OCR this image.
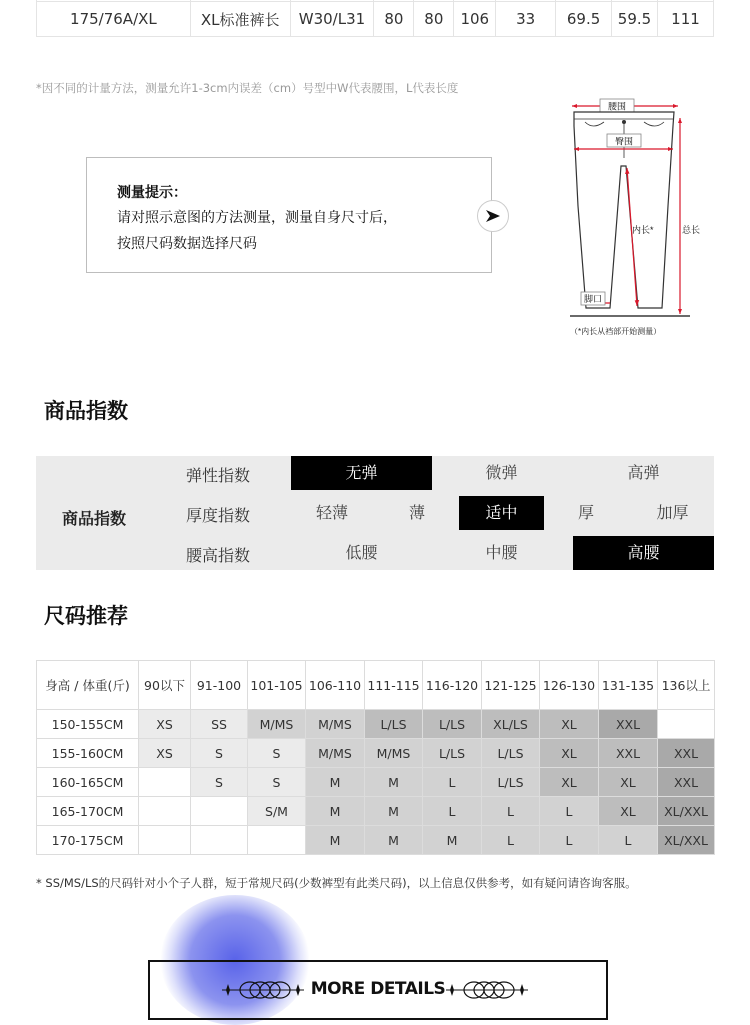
175/76A/XL	XL标准裤长	W30/L31	80	80	106	33	69.5	59.5	111
*因不同的计量方法，测量允许1-3cm内误差（cm）号型中W代表腰围，L代表长度
测量提示：
请对照示意图的方法测量，测量自身尺寸后，
按照尺码数据选择尺码
腰围
臀围
内长*	总长
脚口
（*内长从裆部开始测量）
商品指数
商品指数
弹性指数	无弹	微弹	高弹
厚度指数	轻薄	薄	适中	厚	加厚
腰高指数	低腰	中腰	高腰
尺码推荐
身高 / 体重(斤)	90以下	91-100	101-105	106-110	111-115	116-120	121-125	126-130	131-135	136以上
150-155CM	XS	SS	M/MS	M/MS	L/LS	L/LS	XL/LS	XL	XXL	
155-160CM	XS	S	S	M/MS	M/MS	L/LS	L/LS	XL	XXL	XXL
160-165CM		S	S	M	M	L	L/LS	XL	XL	XXL
165-170CM			S/M	M	M	L	L	L	XL	XL/XXL
170-175CM				M	M	M	L	L	L	XL/XXL
* SS/MS/LS的尺码针对小个子人群，短于常规尺码(少数裤型有此类尺码)，以上信息仅供参考，如有疑问请咨询客服。
MORE DETAILS
